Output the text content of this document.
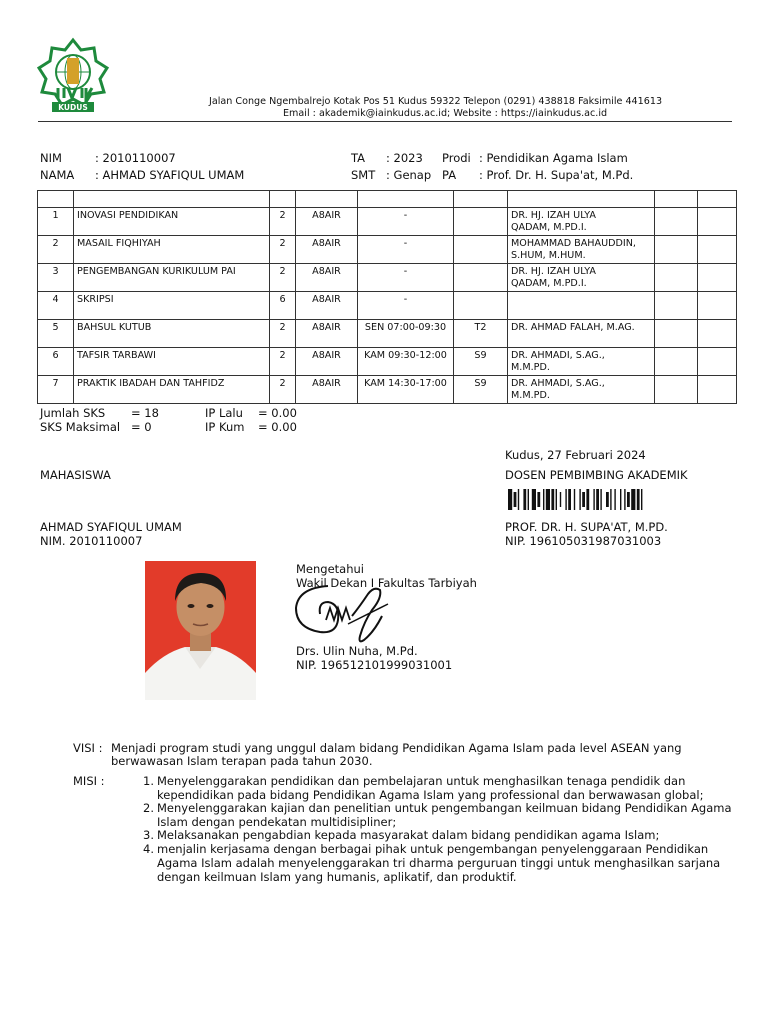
KUDUS
Jalan Conge Ngembalrejo Kotak Pos 51 Kudus 59322 Telepon (0291) 438818 Faksimile 441613
Email : akademik@iainkudus.ac.id; Website : https://iainkudus.ac.id
NIM	: 2010110007
NAMA : AHMAD SYAFIQUL UMAM
TA : 2023 Prodi : Pendidikan Agama Islam
SMT : Genap PA : Prof. Dr. H. Supa'at, M.Pd.

1	INOVASI PENDIDIKAN	2	A8AIR	-		DR. HJ. IZAH ULYA
QADAM, M.PD.I.		

2	MASAIL FIQHIYAH	2	A8AIR	-		MOHAMMAD BAHAUDDIN,
S.HUM, M.HUM.		

3	PENGEMBANGAN KURIKULUM PAI	2	A8AIR	-		DR. HJ. IZAH ULYA
QADAM, M.PD.I.		

4	SKRIPSI	6	A8AIR	-		

5	BAHSUL KUTUB	2	A8AIR	SEN 07:00-09:30	T2	DR. AHMAD FALAH, M.AG.		

6	TAFSIR TARBAWI	2	A8AIR	KAM 09:30-12:00	S9	DR. AHMADI, S.AG.,
M.M.PD.		

7	PRAKTIK IBADAH DAN TAHFIDZ	2	A8AIR	KAM 14:30-17:00	S9	DR. AHMADI, S.AG.,
M.M.PD.		

Jumlah SKS = 18
SKS Maksimal = 0
IP Lalu = 0.00
IP Kum = 0.00
Kudus, 27 Februari 2024
MAHASISWA	DOSEN PEMBIMBING AKADEMIK
AHMAD SYAFIQUL UMAM
NIM. 2010110007
PROF. DR. H. SUPA'AT, M.PD.
NIP. 196105031987031003
Mengetahui
Wakil Dekan I Fakultas Tarbiyah
Drs. Ulin Nuha, M.Pd.
NIP. 196512101999031001
VISI : Menjadi program studi yang unggul dalam bidang Pendidikan Agama Islam pada level ASEAN yang
berwawasan Islam terapan pada tahun 2030.
MISI :	1. Menyelenggarakan pendidikan dan pembelajaran untuk menghasilkan tenaga pendidik dan kependidikan pada bidang Pendidikan Agama Islam yang professional dan berwawasan global;
2. Menyelenggarakan kajian dan penelitian untuk pengembangan keilmuan bidang Pendidikan Agama Islam dengan pendekatan multidisipliner;
3. Melaksanakan pengabdian kepada masyarakat dalam bidang pendidikan agama Islam;
4. menjalin kerjasama dengan berbagai pihak untuk pengembangan penyelenggaraan Pendidikan Agama Islam adalah menyelenggarakan tri dharma perguruan tinggi untuk menghasilkan sarjana dengan keilmuan Islam yang humanis, aplikatif, dan produktif.
